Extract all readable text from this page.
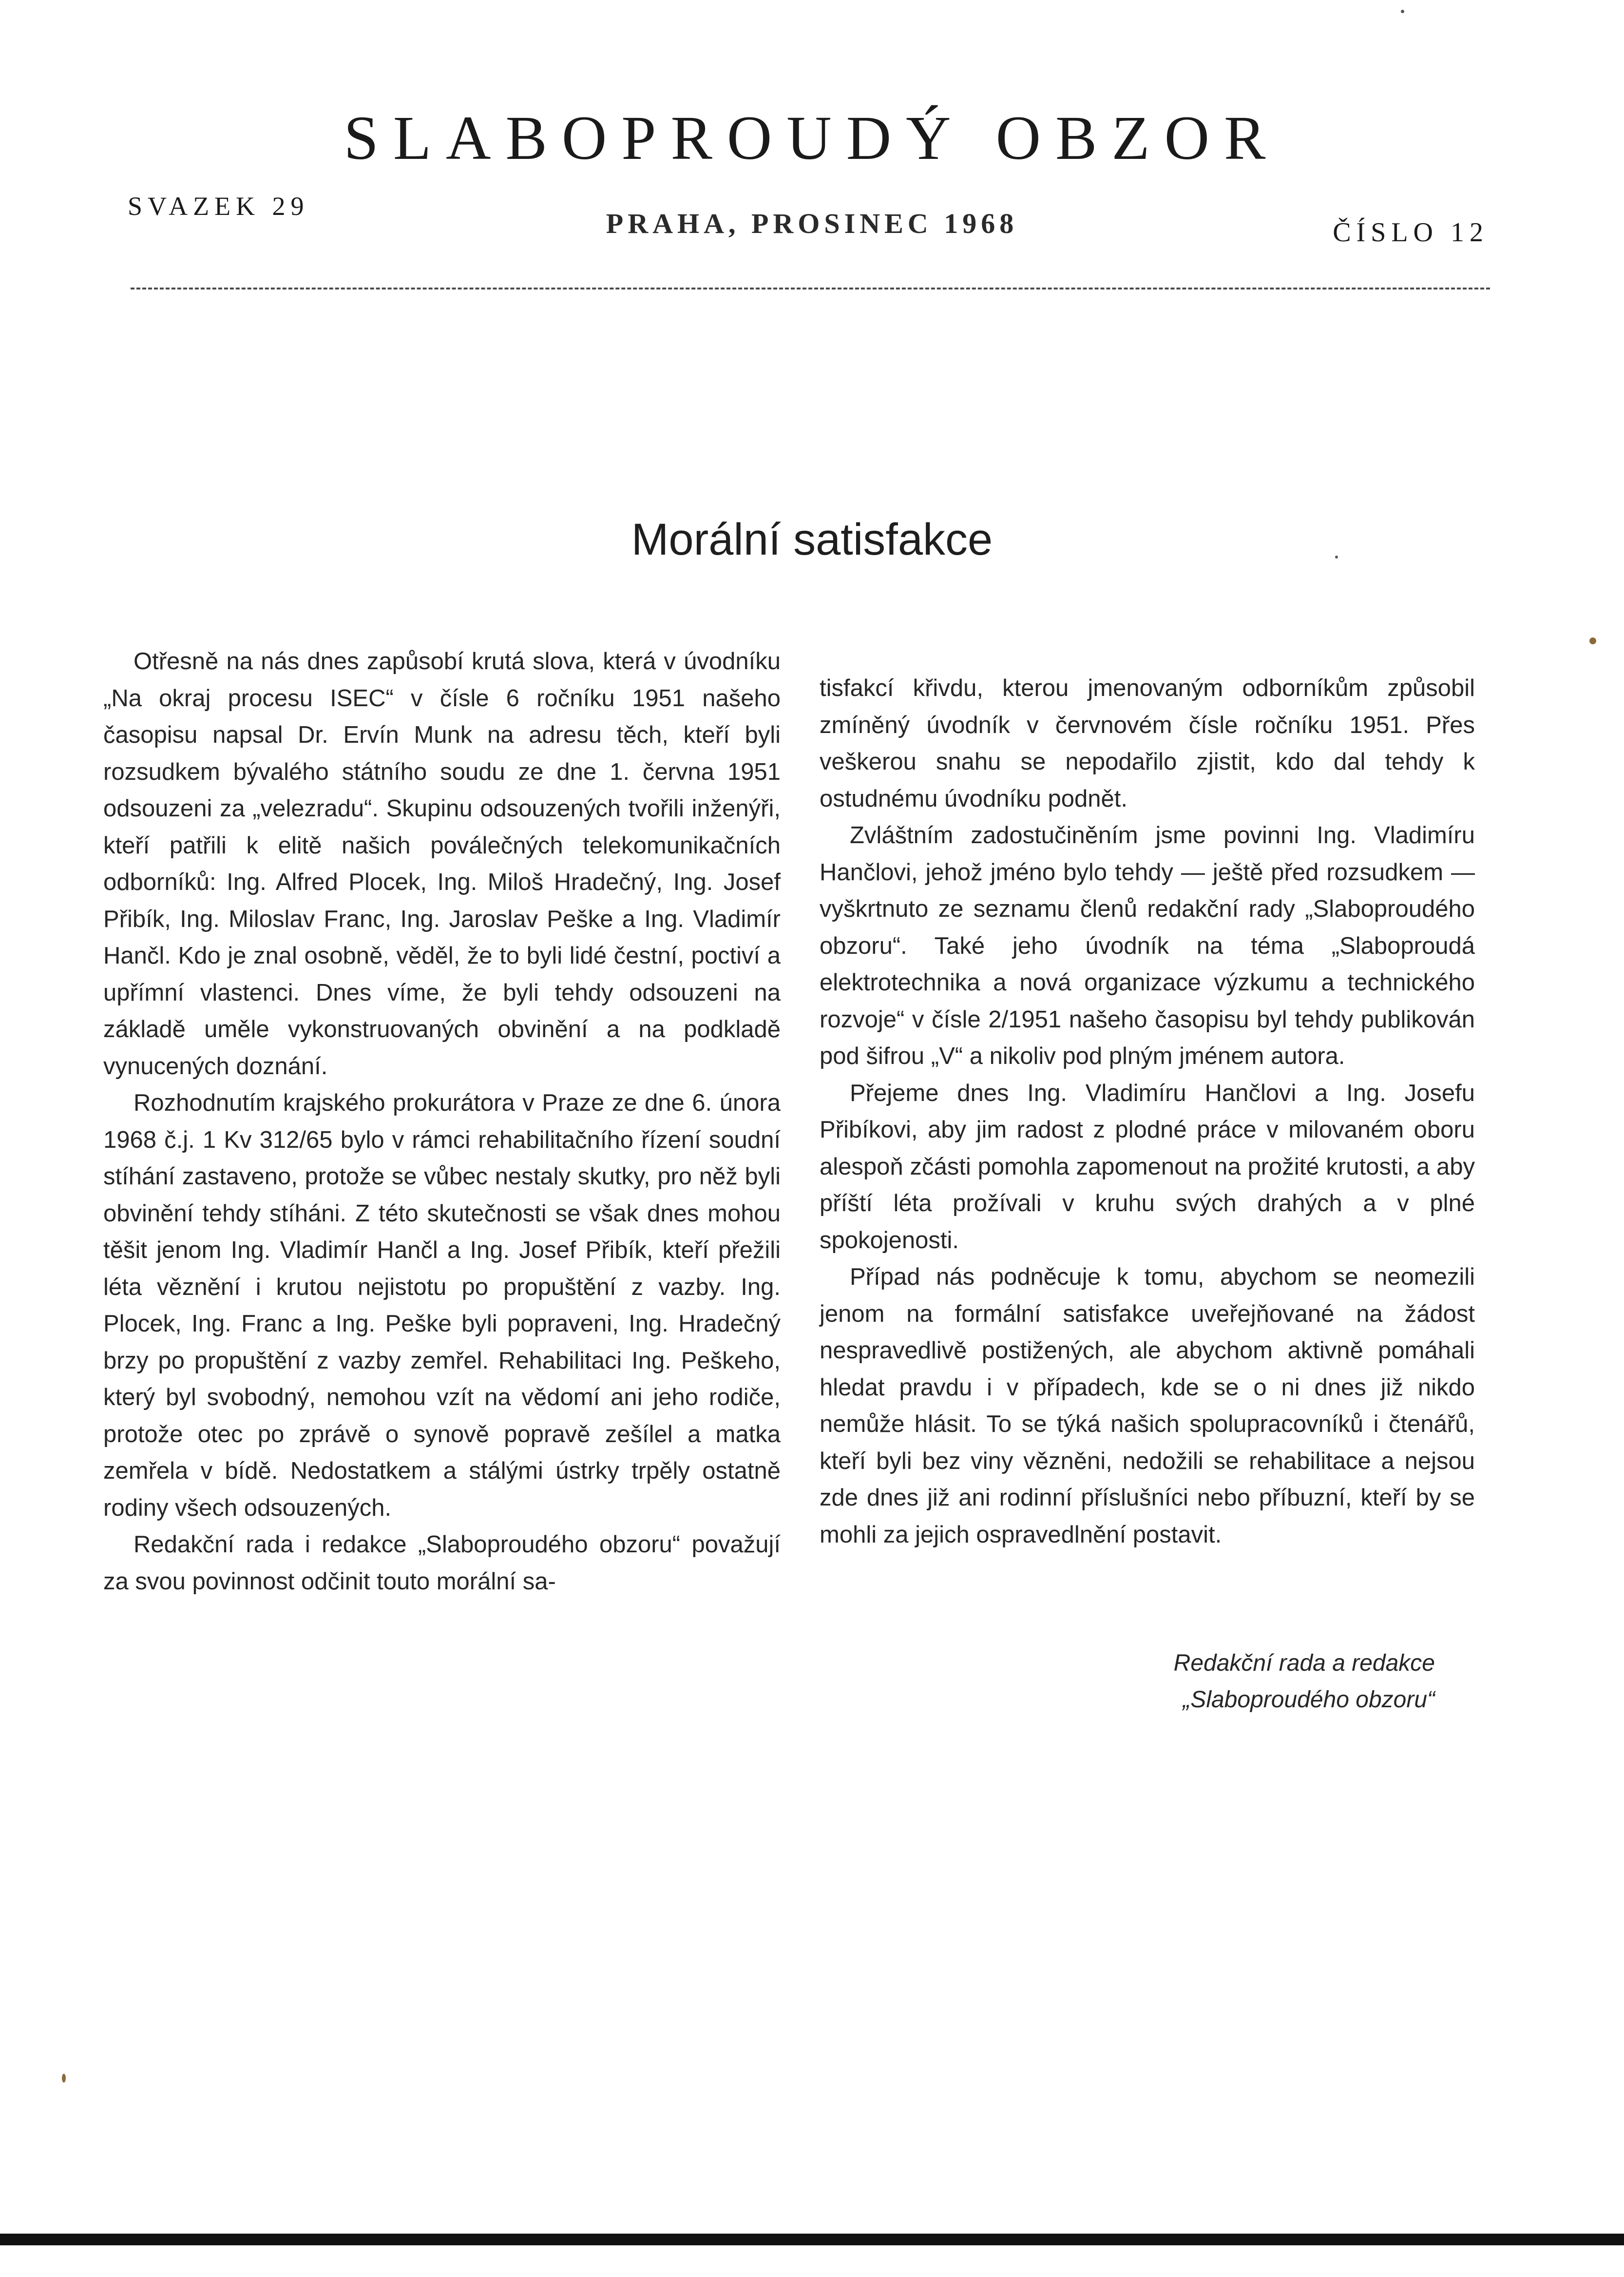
SLABOPROUDÝ OBZOR
SVAZEK 29
PRAHA, PROSINEC 1968	ČÍSLO 12
Morální satisfakce

Otřesně na nás dnes zapůsobí krutá slova, která v úvodníku „Na okraj procesu ISEC“ v čísle 6 ročníku 1951 našeho časopisu napsal Dr. Ervín Munk na adresu těch, kteří byli rozsudkem bývalého státního soudu ze dne 1. června 1951 odsouzeni za „velezradu“. Skupinu odsouzených tvořili inženýři, kteří patřili k elitě našich poválečných telekomunikačních odborníků: Ing. Alfred Plocek, Ing. Miloš Hradečný, Ing. Josef Přibík, Ing. Miloslav Franc, Ing. Jaroslav Peške a Ing. Vladimír Hančl. Kdo je znal osobně, věděl, že to byli lidé čestní, poctiví a upřímní vlastenci. Dnes víme, že byli tehdy odsouzeni na základě uměle vykonstruovaných obvinění a na podkladě vynucených doznání.

Rozhodnutím krajského prokurátora v Praze ze dne 6. února 1968 č.j. 1 Kv 312/65 bylo v rámci rehabilitačního řízení soudní stíhání zastaveno, protože se vůbec nestaly skutky, pro něž byli obvinění tehdy stíháni. Z této skutečnosti se však dnes mohou těšit jenom Ing. Vladimír Hančl a Ing. Josef Přibík, kteří přežili léta věznění i krutou nejistotu po propuštění z vazby. Ing. Plocek, Ing. Franc a Ing. Peške byli popraveni, Ing. Hradečný brzy po propuštění z vazby zemřel. Rehabilitaci Ing. Peškeho, který byl svobodný, nemohou vzít na vědomí ani jeho rodiče, protože otec po zprávě o synově popravě zešílel a matka zemřela v bídě. Nedostatkem a stálými ústrky trpěly ostatně rodiny všech odsouzených.

Redakční rada i redakce „Slaboproudého obzoru“ považují za svou povinnost odčinit touto morální sa-

tisfakcí křivdu, kterou jmenovaným odborníkům způsobil zmíněný úvodník v červnovém čísle ročníku 1951. Přes veškerou snahu se nepodařilo zjistit, kdo dal tehdy k ostudnému úvodníku podnět.

Zvláštním zadostučiněním jsme povinni Ing. Vladimíru Hančlovi, jehož jméno bylo tehdy — ještě před rozsudkem — vyškrtnuto ze seznamu členů redakční rady „Slaboproudého obzoru“. Také jeho úvodník na téma „Slaboproudá elektrotechnika a nová organizace výzkumu a technického rozvoje“ v čísle 2/1951 našeho časopisu byl tehdy publikován pod šifrou „V“ a nikoliv pod plným jménem autora.

Přejeme dnes Ing. Vladimíru Hančlovi a Ing. Josefu Přibíkovi, aby jim radost z plodné práce v milovaném oboru alespoň zčásti pomohla zapomenout na prožité krutosti, a aby příští léta prožívali v kruhu svých drahých a v plné spokojenosti.

Případ nás podněcuje k tomu, abychom se neomezili jenom na formální satisfakce uveřejňované na žádost nespravedlivě postižených, ale abychom aktivně pomáhali hledat pravdu i v případech, kde se o ni dnes již nikdo nemůže hlásit. To se týká našich spolupracovníků i čtenářů, kteří byli bez viny vězněni, nedožili se rehabilitace a nejsou zde dnes již ani rodinní příslušníci nebo příbuzní, kteří by se mohli za jejich ospravedlnění postavit.

Redakční rada a redakce
„Slaboproudého obzoru“
